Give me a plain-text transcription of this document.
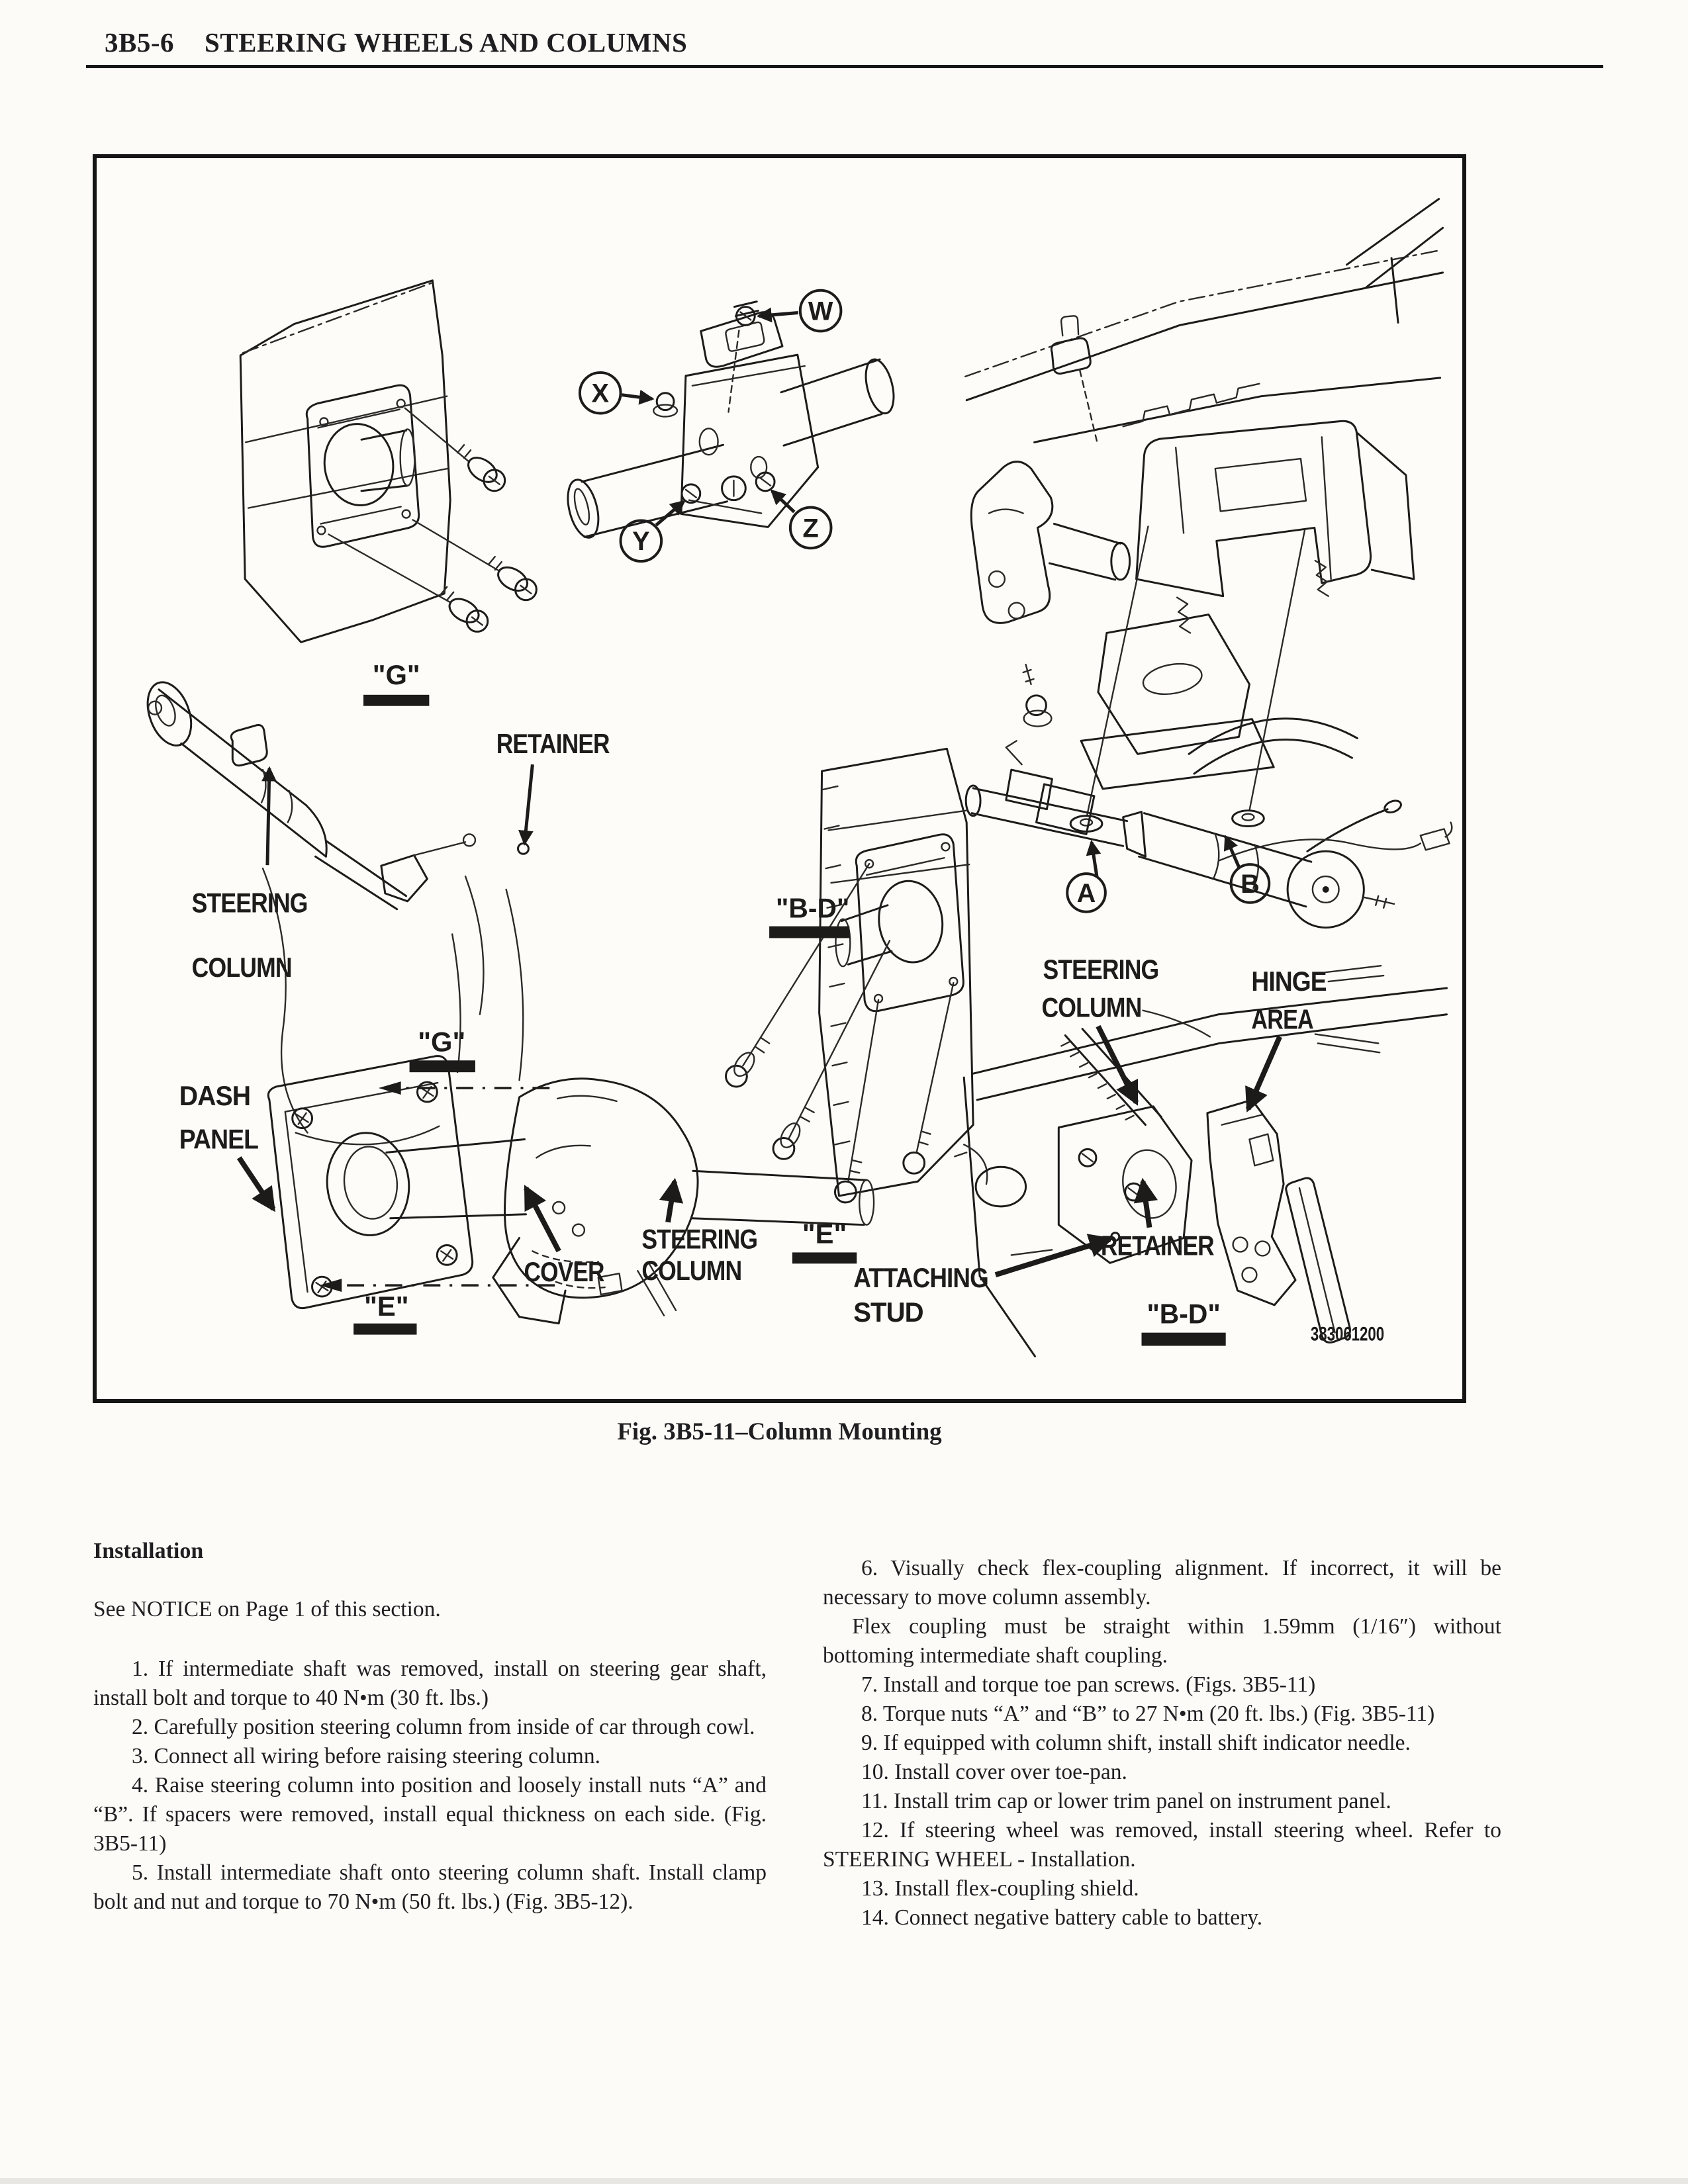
3B5-6 STEERING WHEELS AND COLUMNS
"G"
STEERING
COLUMN
RETAINER
W
X
Y	Z
A	B
"B-D"
"E"
ATTACHING
STUD
DASH
PANEL
"G"
COVER
STEERING
COLUMN
"E"
STEERING
COLUMN
HINGE
AREA
RETAINER
"B-D"
383061200
Fig. 3B5-11–Column Mounting
Installation

See NOTICE on Page 1 of this section.

1. If intermediate shaft was removed, install on steering gear shaft, install bolt and torque to 40 N•m (30 ft. lbs.)

2. Carefully position steering column from inside of car through cowl.

3. Connect all wiring before raising steering column.

4. Raise steering column into position and loosely install nuts “A” and “B”. If spacers were removed, install equal thickness on each side. (Fig. 3B5-11)

5. Install intermediate shaft onto steering column shaft. Install clamp bolt and nut and torque to 70 N•m (50 ft. lbs.) (Fig. 3B5-12).

6. Visually check flex-coupling alignment. If incorrect, it will be necessary to move column assembly.

Flex coupling must be straight within 1.59mm (1/16″) without bottoming intermediate shaft coupling.

7. Install and torque toe pan screws. (Figs. 3B5-11)

8. Torque nuts “A” and “B” to 27 N•m (20 ft. lbs.) (Fig. 3B5-11)

9. If equipped with column shift, install shift indicator needle.

10. Install cover over toe-pan.

11. Install trim cap or lower trim panel on instrument panel.

12. If steering wheel was removed, install steering wheel. Refer to STEERING WHEEL - Installation.

13. Install flex-coupling shield.

14. Connect negative battery cable to battery.
